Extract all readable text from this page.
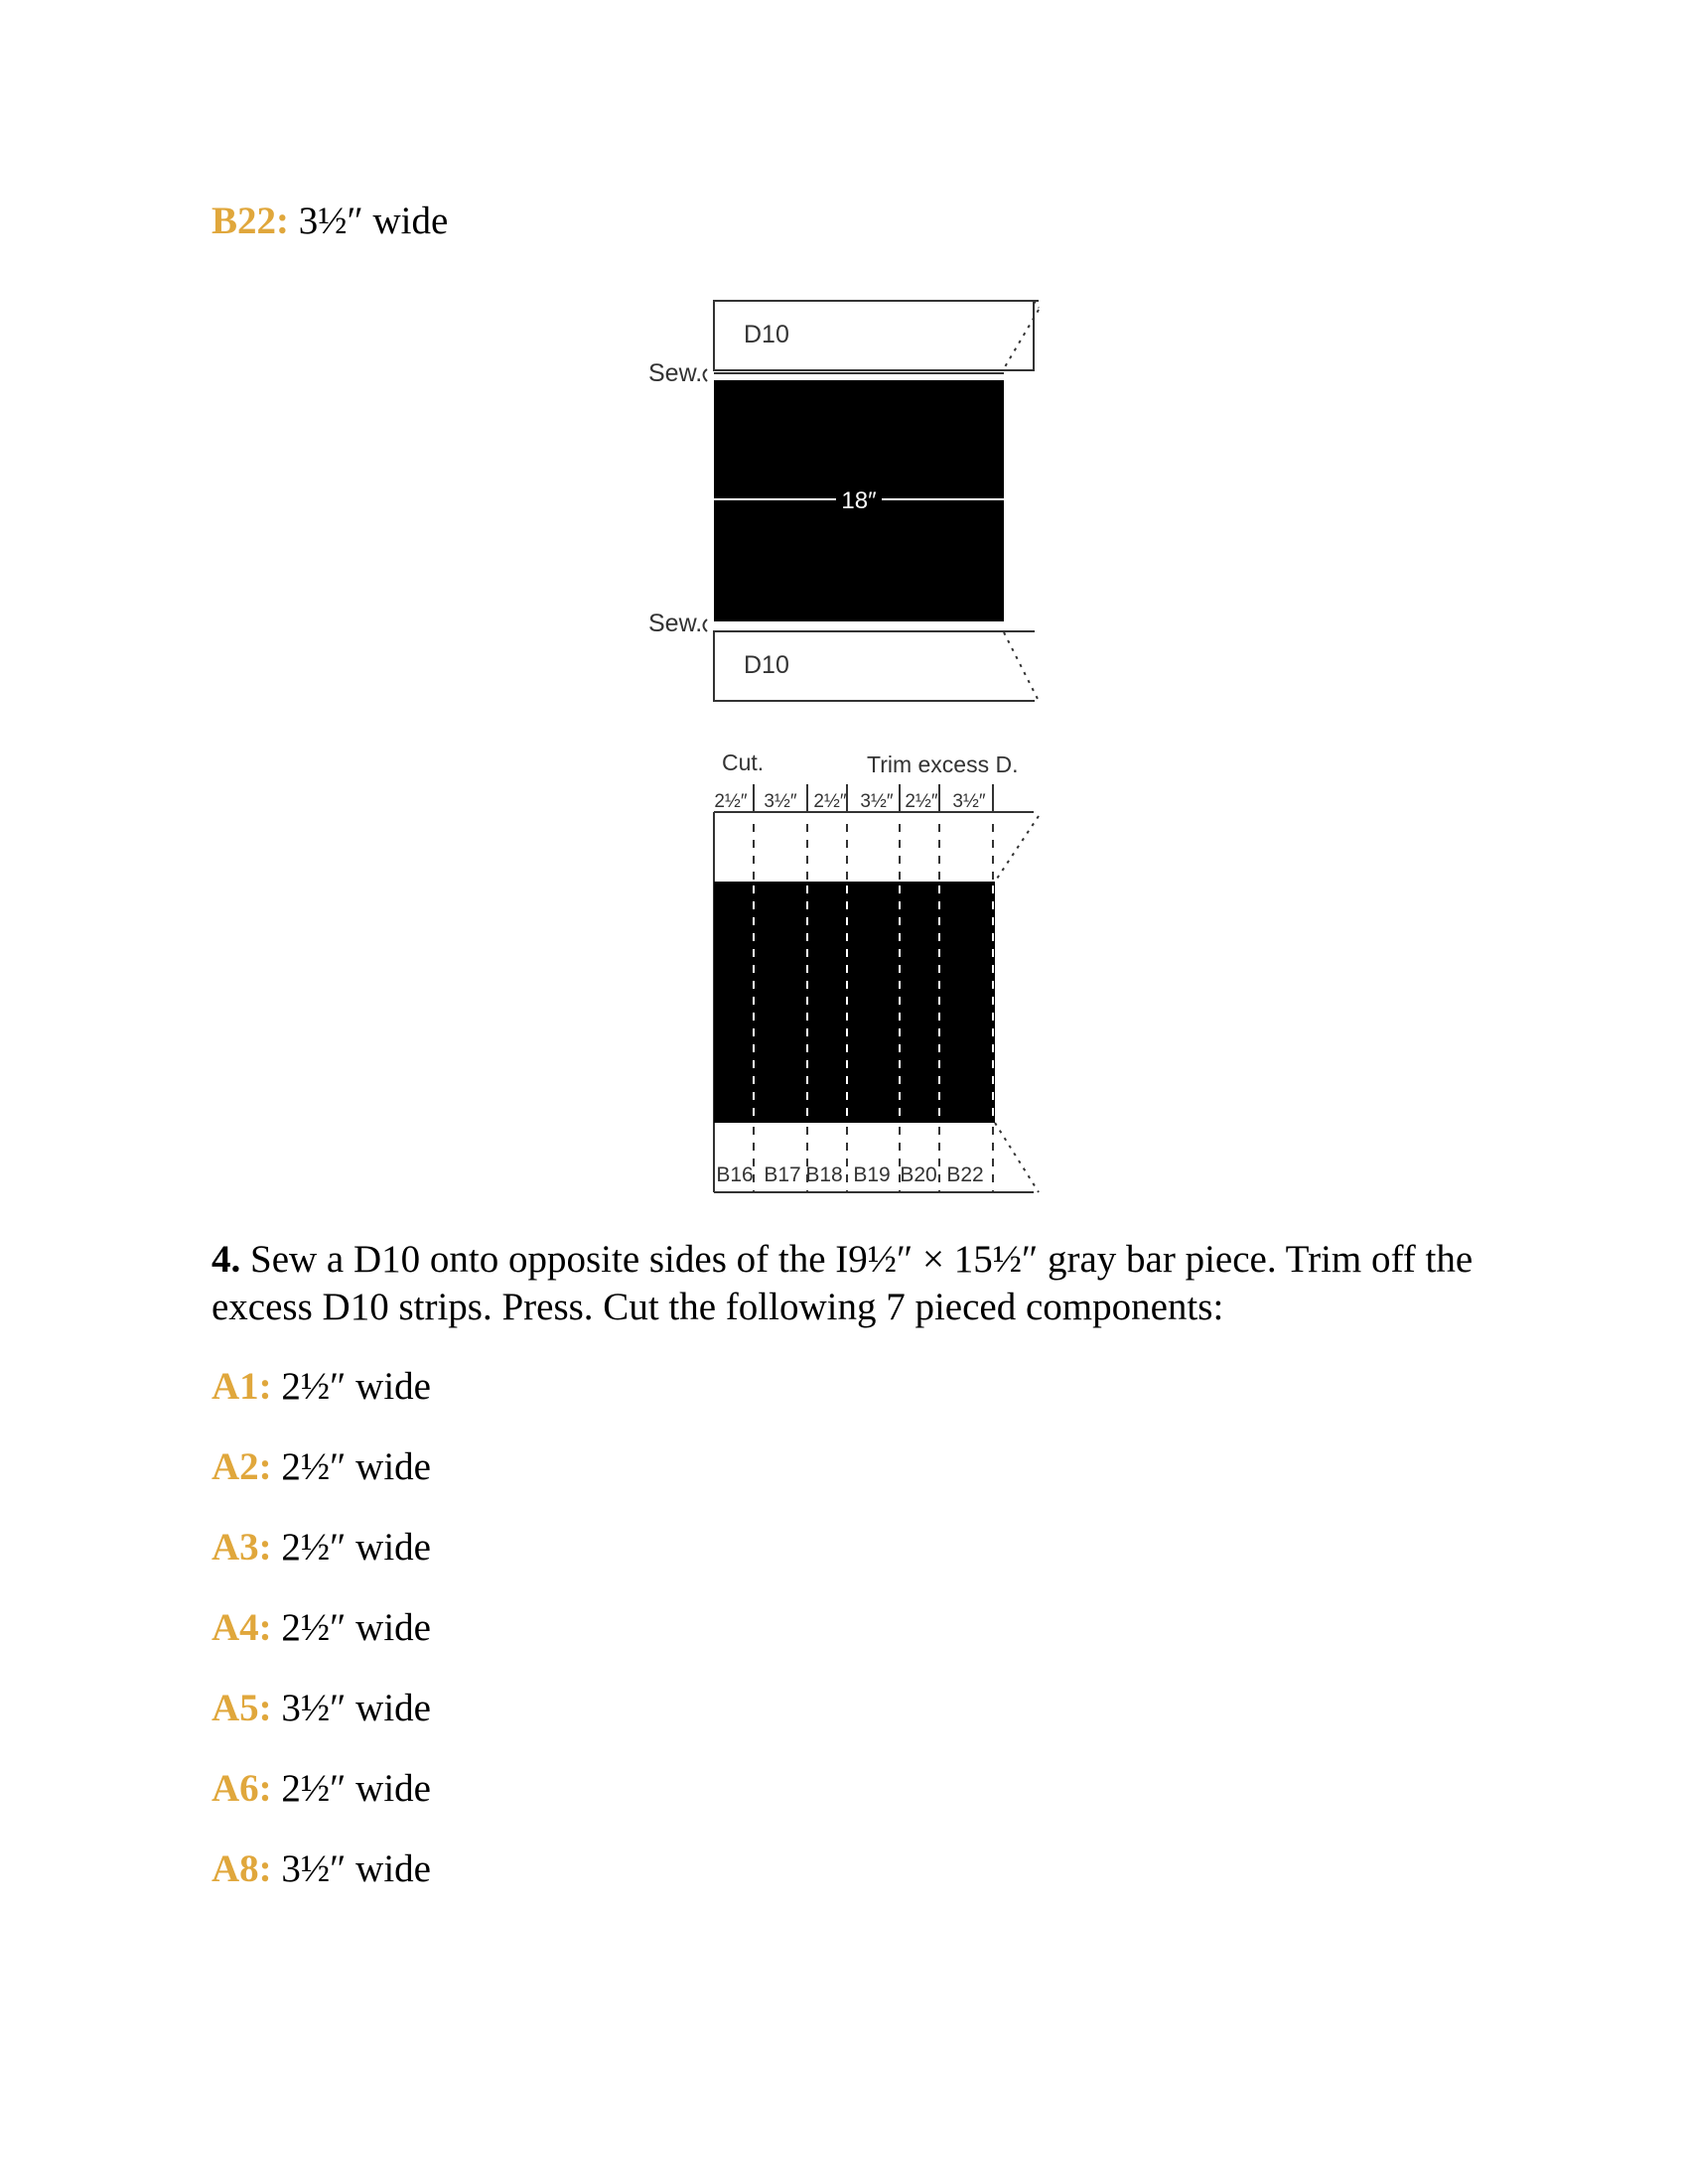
B22: 3½″ wide
D10
18″
Sew.
Sew.
D10
Cut.	Trim excess D.
2½″ 3½″ 2½″ 3½″ 2½″ 3½″
B16 B17 B18 B19 B20 B22
4. Sew a D10 onto opposite sides of the I9½″ × 15½″ gray bar piece. Trim off the excess D10 strips. Press. Cut the following 7 pieced components:
A1: 2½″ wide
A2: 2½″ wide
A3: 2½″ wide
A4: 2½″ wide
A5: 3½″ wide
A6: 2½″ wide
A8: 3½″ wide
